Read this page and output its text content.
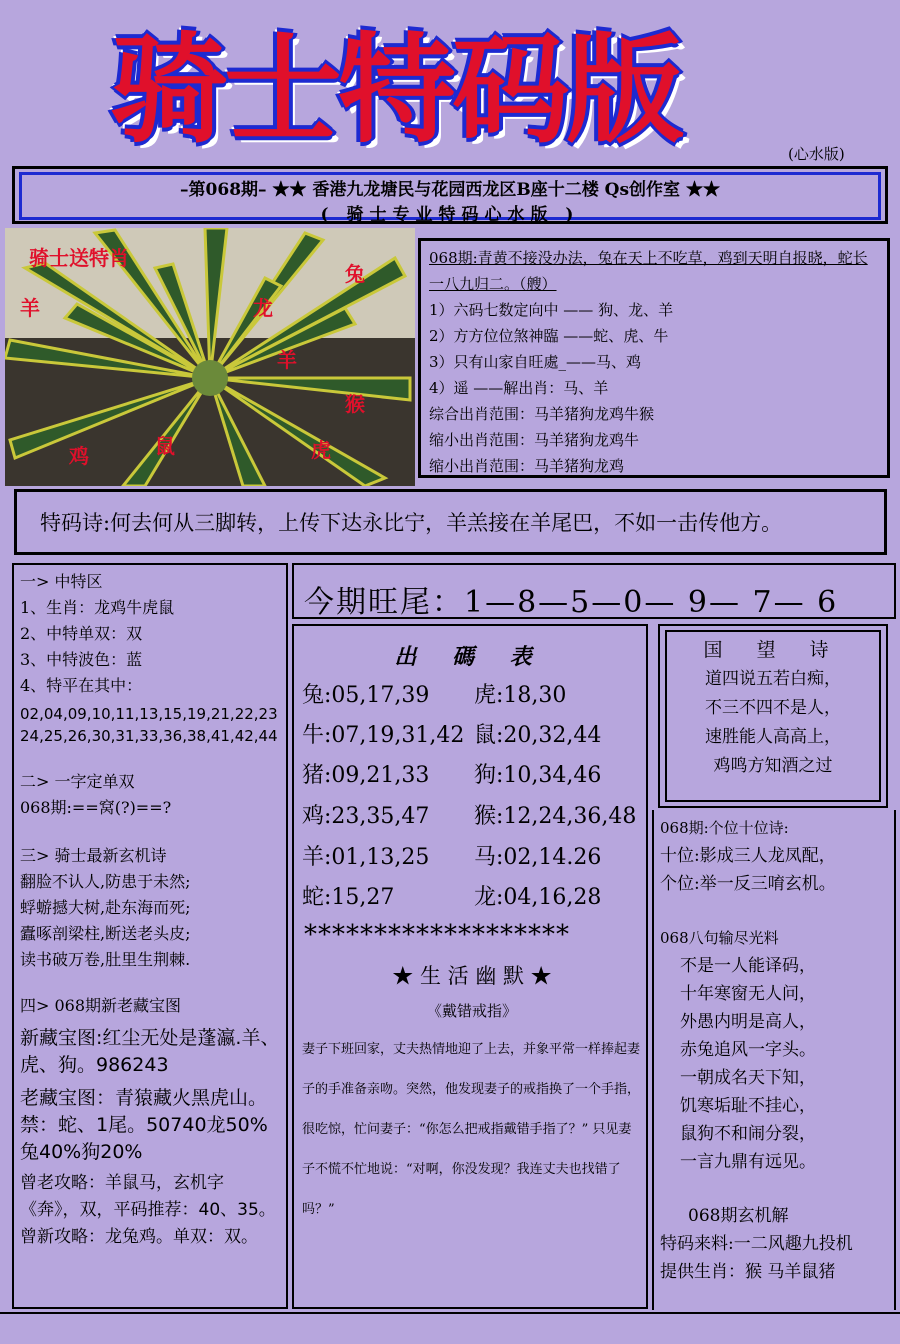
骑士特码版	(心水版)
–第068期– ★★ 香港九龙塘民与花园西龙区B座十二楼 Qs创作室 ★★
( 骑士专业特码心水版 )
骑士送特肖
兔
羊	龙
羊
猴
鸡	鼠	虎

068期:青黄不接没办法，兔在天上不吃草，鸡到天明自报晓，蛇长一八九归二。（艘）

1）六码七数定向中 —— 狗、龙、羊

2）方方位位煞神臨 ——蛇、虎、牛

3）只有山家自旺處_——马、鸡

4）遥 ——解出肖：马、羊

综合出肖范围：马羊猪狗龙鸡牛猴

缩小出肖范围：马羊猪狗龙鸡牛

缩小出肖范围：马羊猪狗龙鸡

特码诗:何去何从三脚转，上传下达永比宁，羊羔接在羊尾巴，不如一击传他方。

一> 中特区

1、生肖：龙鸡牛虎鼠

2、中特单双：双

3、中特波色：蓝

4、特平在其中：

02,04,09,10,11,13,15,19,21,22,23

24,25,26,30,31,33,36,38,41,42,44

二> 一字定单双

068期:==窝(?)==?

三> 骑士最新玄机诗

翻脸不认人,防患于未然;

蜉蝣撼大树,赴东海而死;

蠹啄剖梁柱,断送老头皮;

读书破万卷,肚里生荆棘.

四> 068期新老藏宝图

新藏宝图:红尘无处是蓬瀛.羊、虎、狗。986243

老藏宝图：青猿藏火黑虎山。禁：蛇、1尾。50740龙50%兔40%狗20%

曾老攻略：羊鼠马，玄机字《奔》，双，平码推荐：40、35。

曾新攻略：龙兔鸡。单双：双。

今期旺尾：1—8—5—0— 9— 7— 6
出 碼 表
兔:05,17,39 虎:18,30
牛:07,19,31,42 鼠:20,32,44
猪:09,21,33 狗:10,34,46
鸡:23,35,47 猴:12,24,36,48
羊:01,13,25 马:02,14.26
蛇:15,27	龙:04,16,28
*******************
★ 生 活 幽 默 ★
《戴错戒指》
妻子下班回家，丈夫热情地迎了上去，并象平常一样捧起妻子的手准备亲吻。突然，他发现妻子的戒指换了一个手指，很吃惊，忙问妻子：“你怎么把戒指戴错手指了？” 只见妻子不慌不忙地说：“对啊，你没发现？我连丈夫也找错了吗？”

国 望 诗

道四说五若白痴，

不三不四不是人，

速胜能人高高上，

鸡鸣方知酒之过

068期:个位十位诗:

十位:影成三人龙凤配，

个位:举一反三唷玄机。

068八句输尽光料

不是一人能译码，

十年寒窗无人问，

外愚内明是高人，

赤兔追风一字头。

一朝成名天下知，

饥寒垢耻不挂心，

鼠狗不和闹分裂，

一言九鼎有远见。

068期玄机解

特码来料:一二风趣九投机

提供生肖：猴 马羊鼠猪
